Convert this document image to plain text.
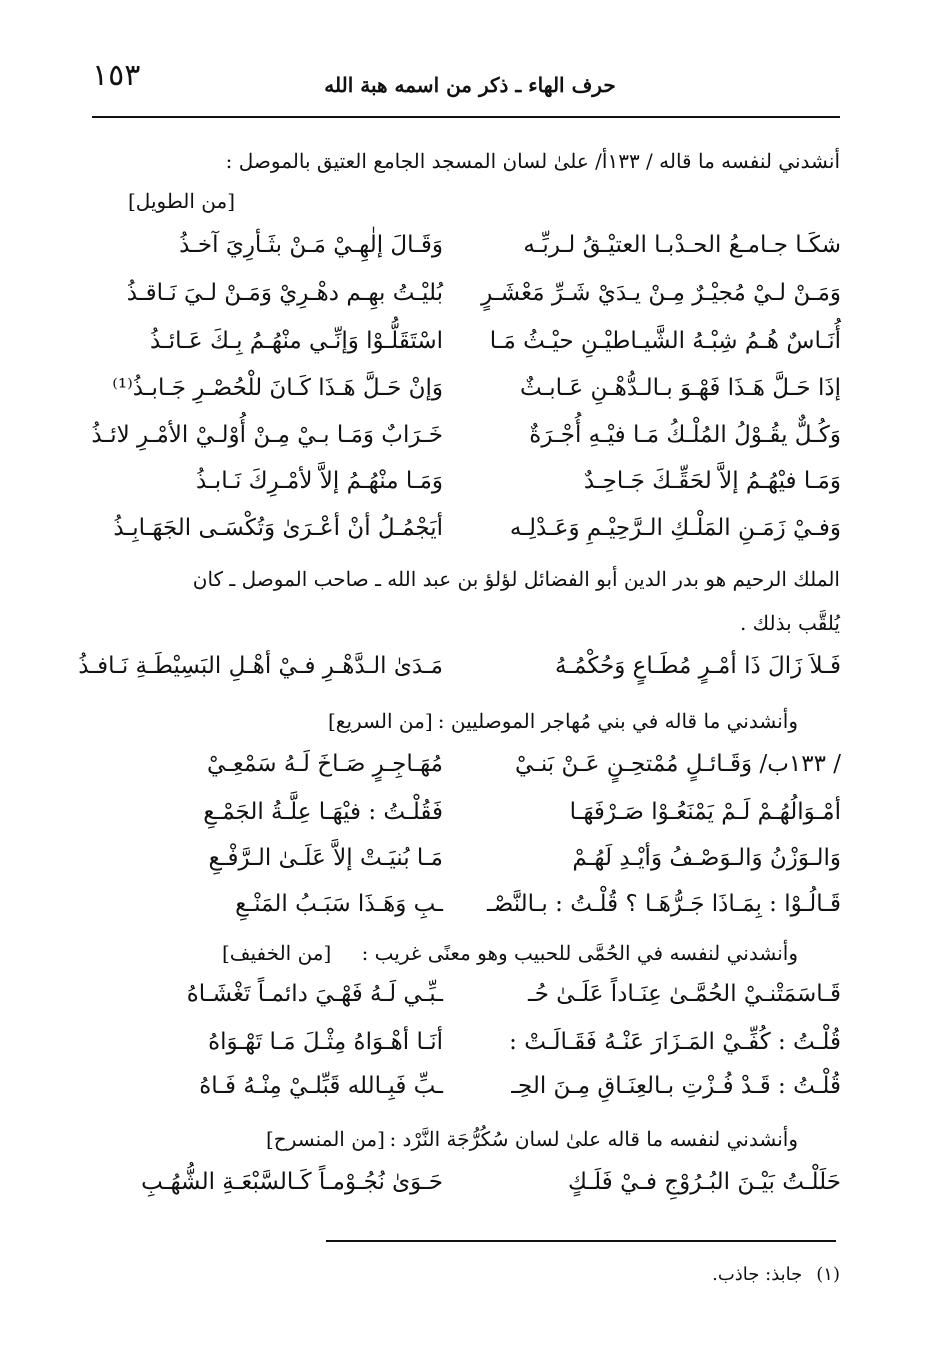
١٥٣	حرف الهاء ـ ذكر من اسمه هبة الله
أنشدني لنفسه ما قاله / ١٣٣أ/ علىٰ لسان المسجد الجامع العتيق بالموصل :
[من الطويل]
شكَـا جـامـعُ الحـدْبـا العتيْـقُ لـربِّـه
وَقَـالَ إلٰهِـيْ مَـنْ بثَـأرِيَ آخـذُ
وَمَـنْ لـيْ مُجيْـرٌ مِـنْ يـدَيْ شَـرِّ مَعْشَـرٍ
بُليْـتُ بهِـم دهْـرِيْ وَمَـنْ لـيَ نَـاقـذُ
أُنَـاسٌ هُـمُ شِبْـهُ الشَّيـاطيْـنِ حيْـثُ مَـا
اسْتَقَلُّـوْا وَإنِّـي منْهُـمُ بِـكَ عَـائـذُ
إذَا حَـلَّ هَـذَا فَهْـوَ بـالـدُّهْـنِ عَـابـثٌ
وَإنْ حَـلَّ هَـذَا كَـانَ للْحُصْـرِ جَـابـذُ⁽¹⁾
وَكُـلٌّ يقُـوْلُ المُلْـكُ مَـا فيْـهِ أُجْـرَةٌ
خَـرَابٌ وَمَـا بـيْ مِـنْ أُوْلـيْ الأمْـرِ لائـذُ
وَمَـا فيْهُـمُ إلاَّ لحَقِّـكَ جَـاحِـدٌ
وَمَـا منْهُـمُ إلاَّ لأمْـرِكَ نَـابـذُ
وَفـيْ زَمَـنِ المَلْـكِ الـرَّحِيْـمِ وَعَـدْلِـه
أيَجْمُـلُ أنْ أعْـرَىٰ وَتُكْسَـى الجَهَـابِـذُ
الملك الرحيم هو بدر الدين أبو الفضائل لؤلؤ بن عبد الله ـ صاحب الموصل ـ كان
يُلقَّب بذلك .
فَـلاَ زَالَ ذَا أمْـرٍ مُطَـاعٍ وَحُكْمُـهُ
مَـدَىٰ الـدَّهْـرِ فـيْ أهْـلِ البَسِيْطَـةِ نَـافـذُ
وأنشدني ما قاله في بني مُهاجر الموصليين :
[من السريع]
/ ١٣٣ب/ وَقَـائـلٍ مُمْتحِـنٍ عَـنْ بَنـيْ
مُهَـاجِـرٍ صَـاخَ لَـهُ سَمْعِـيْ
أمْـوَالُهُـمْ لَـمْ يَمْنَعُـوْا صَـرْفَهَـا
فَقُلْـتُ : فيْهَـا عِلَّـةُ الجَمْـعِ
وَالـوَزْنُ وَالـوَصْـفُ وَأيْـدِ لَهُـمْ
مَـا بُنيَـتْ إلاَّ عَلَـىٰ الـرَّفْـعِ
قَـالُـوْا : بِمَـاذَا جَـرُّهَـا ؟ قُلْـتُ : بـالنَّصْـ
ـبِ وَهَـذَا سَبَـبُ المَنْـعِ
وأنشدني لنفسه في الحُمَّى للحبيب وهو معنًى غريب :
[من الخفيف]
قَـاسَمَتْنـيْ الحُمَّـىٰ عِنَـاداً عَلَـىٰ حُـ
ـبِّـي لَـهُ فَهْـيَ دائمـاً تَغْشَـاهُ
قُلْـتُ : كُفِّـيْ المَـزَارَ عَنْـهُ فَقَـالَـتْ :
أنَـا أهْـوَاهُ مِثْـلَ مَـا تَهْـوَاهُ
قُلْـتُ : قَـدْ فُـزْتِ بـالعِنَـاقِ مِـنَ الحِـ
ـبِّ فَبِـالله قَبِّلـيْ مِنْـهُ فَـاهُ
وأنشدني لنفسه ما قاله علىٰ لسان سُكُرُّجَة النَّرْد :
[من المنسرح]
حَلَلْـتُ بَيْـنَ البُـرُوْجِ فـيْ فَلَـكٍ
حَـوَىٰ نُجُـوْمـاً كَـالسَّبْعَـةِ الشُّهُـبِ
(١)جابذ: جاذب.
